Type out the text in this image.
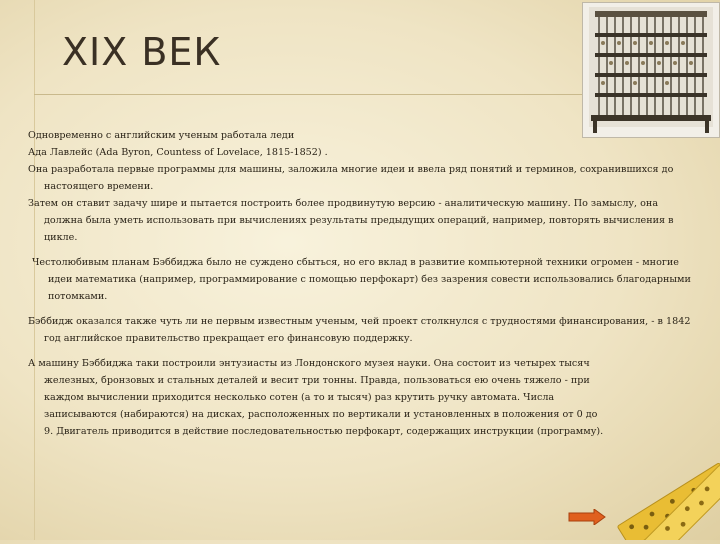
XIX ВЕК

Одновременно с английским ученым работала леди

Ада Лавлейс (Ada Byron, Countess of Lovelace, 1815-1852) .

Она разработала первые программы для машины, заложила многие идеи и ввела ряд понятий и терминов, сохранившихся до настоящего времени.

Затем он ставит задачу шире и пытается построить более продвинутую версию - аналитическую машину. По замыслу, она должна была уметь использовать при вычислениях результаты предыдущих операций, например, повторять вычисления в цикле.

Честолюбивым планам Бэббиджа было не суждено сбыться, но его вклад в развитие компьютерной техники огромен - многие идеи математика (например, программирование с помощью перфокарт) без зазрения совести использовались благодарными потомками.

Бэббидж оказался также чуть ли не первым известным ученым, чей проект столкнулся с трудностями финансирования, - в 1842 год английское правительство прекращает его финансовую поддержку.

А машину Бэббиджа таки построили энтузиасты из Лондонского музея науки. Она состоит из четырех тысяч железных, бронзовых и стальных деталей и весит три тонны. Правда, пользоваться ею очень тяжело - при каждом вычислении приходится несколько сотен (а то и тысяч) раз крутить ручку автомата. Числа записываются (набираются) на дисках, расположенных по вертикали и установленных в положения от 0 до 9. Двигатель приводится в действие последовательностью перфокарт, содержащих инструкции (программу).
